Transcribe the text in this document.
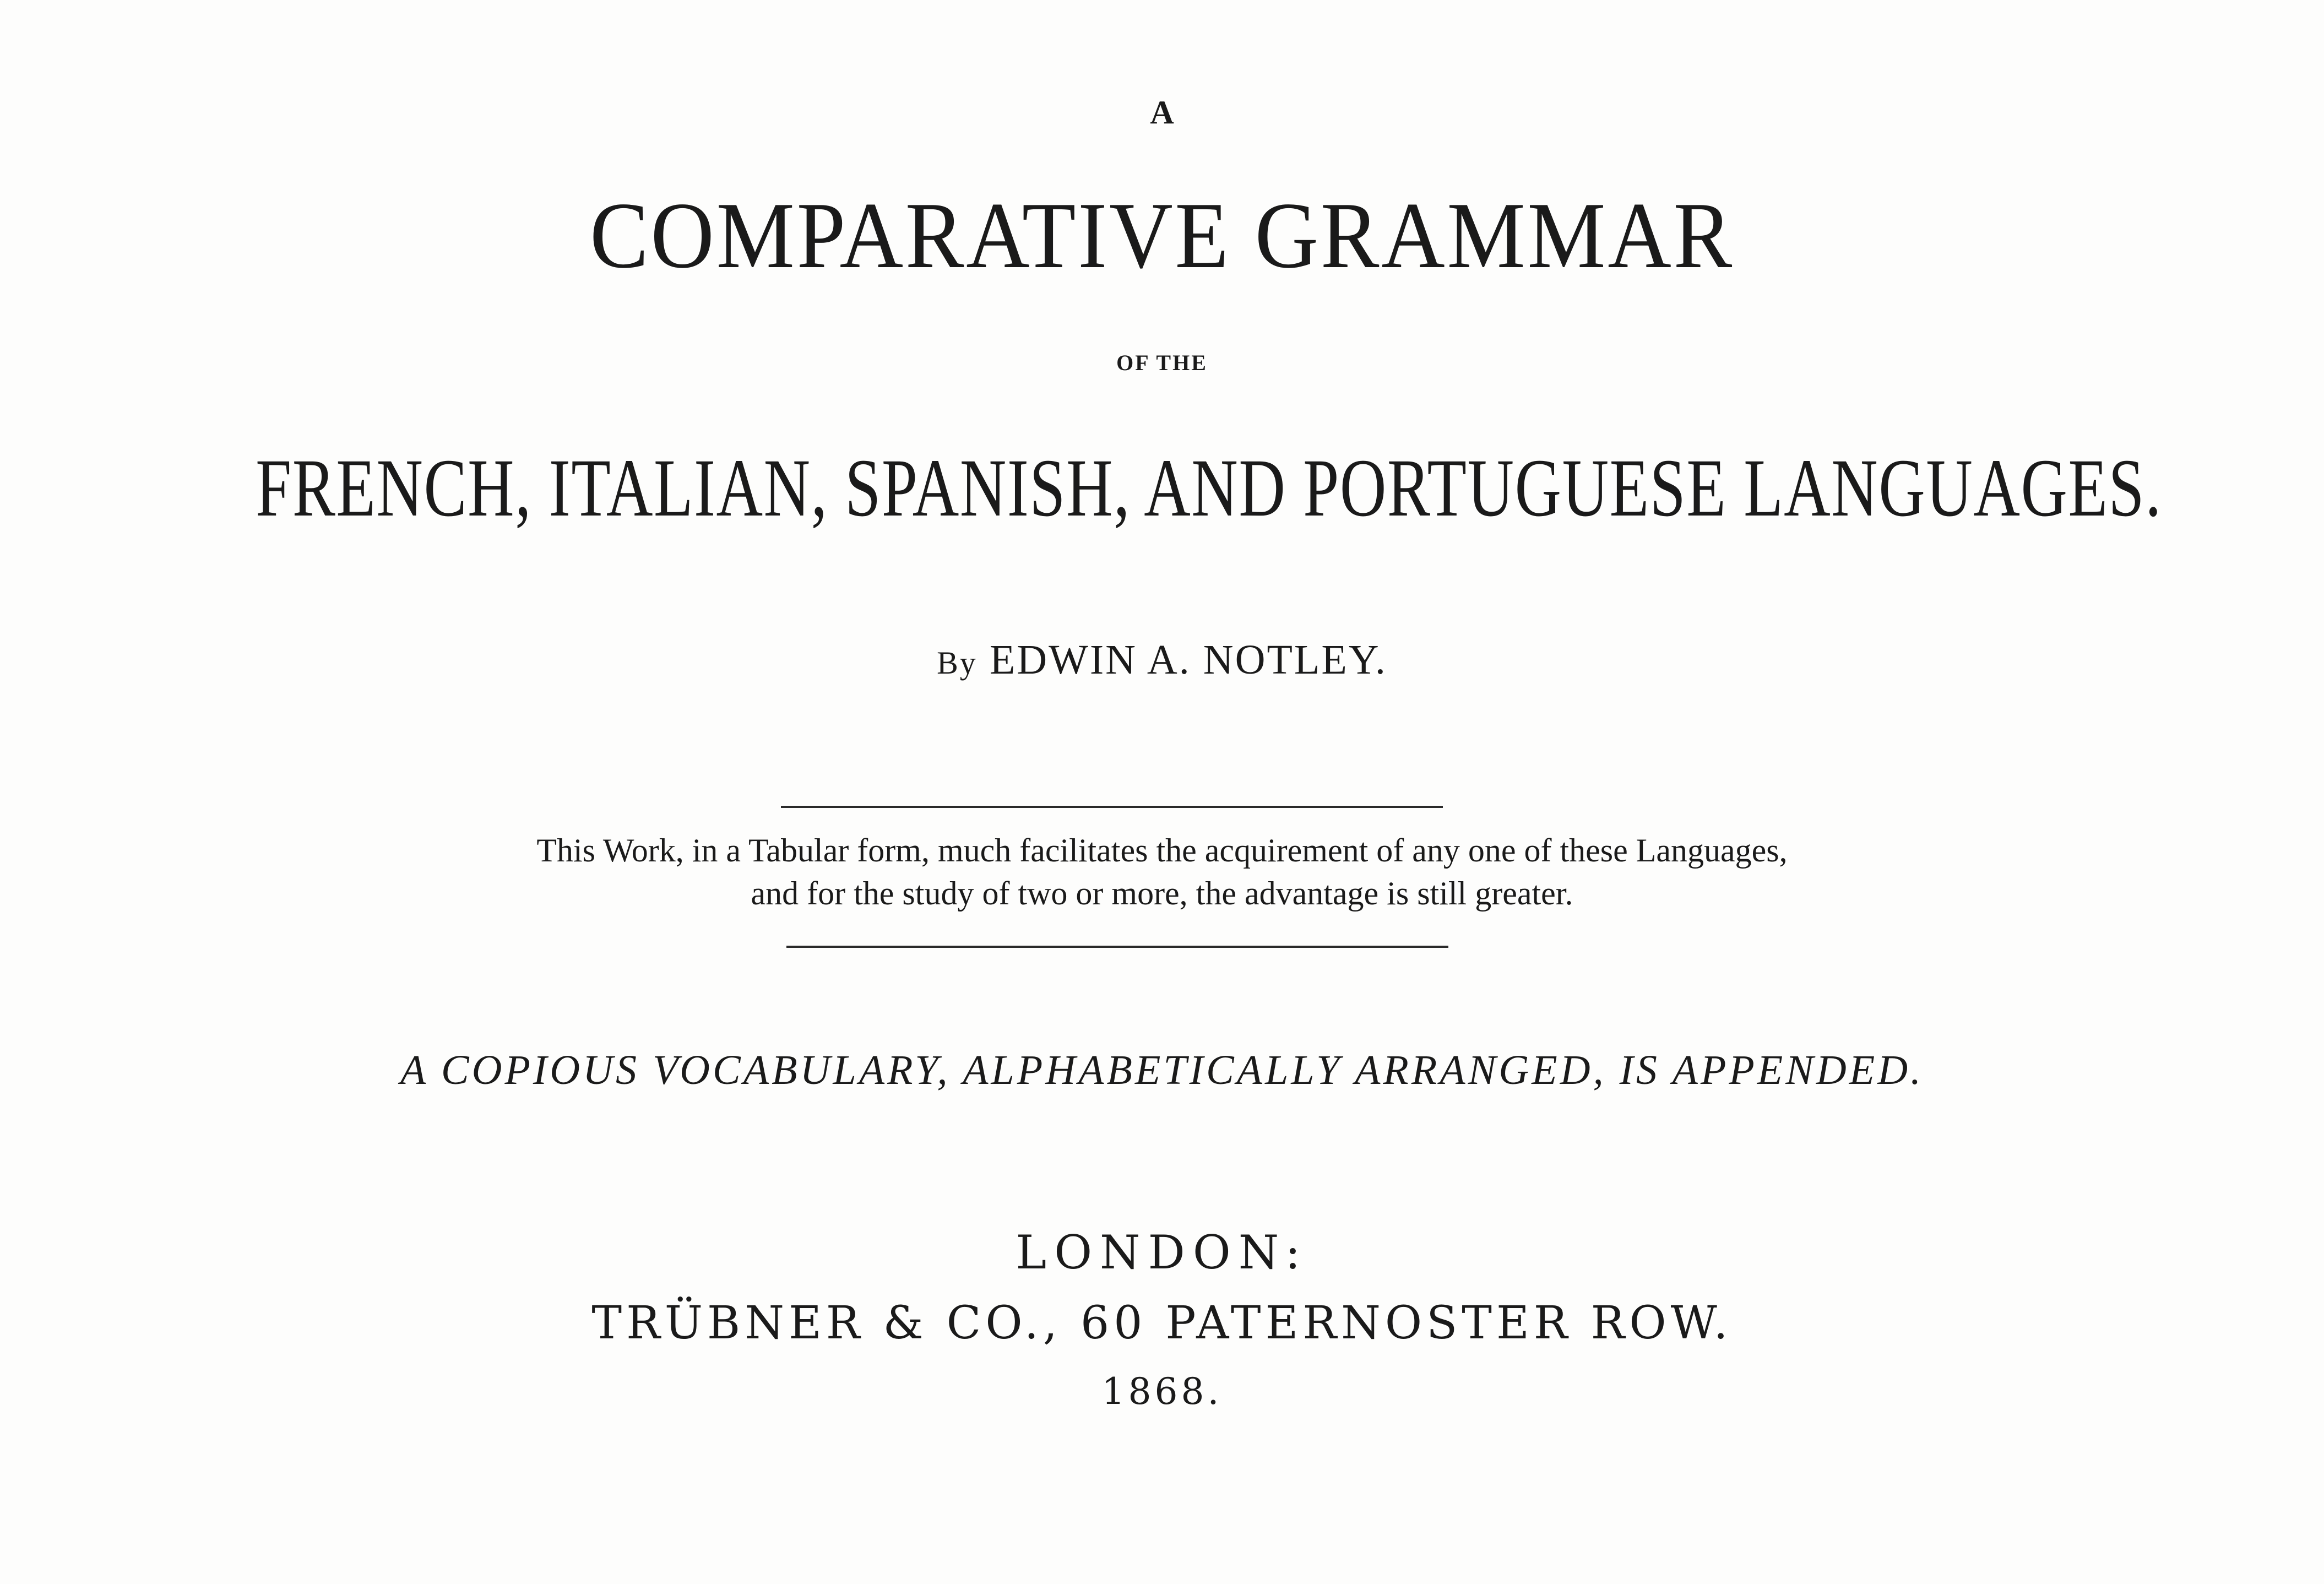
A
COMPARATIVE GRAMMAR
OF THE
FRENCH, ITALIAN, SPANISH, AND PORTUGUESE LANGUAGES.
By EDWIN A. NOTLEY.
This Work, in a Tabular form, much facilitates the acquirement of any one of these Languages,
and for the study of two or more, the advantage is still greater.
A COPIOUS VOCABULARY, ALPHABETICALLY ARRANGED, IS APPENDED.
LONDON:
TRÜBNER & CO., 60 PATERNOSTER ROW.
1868.
